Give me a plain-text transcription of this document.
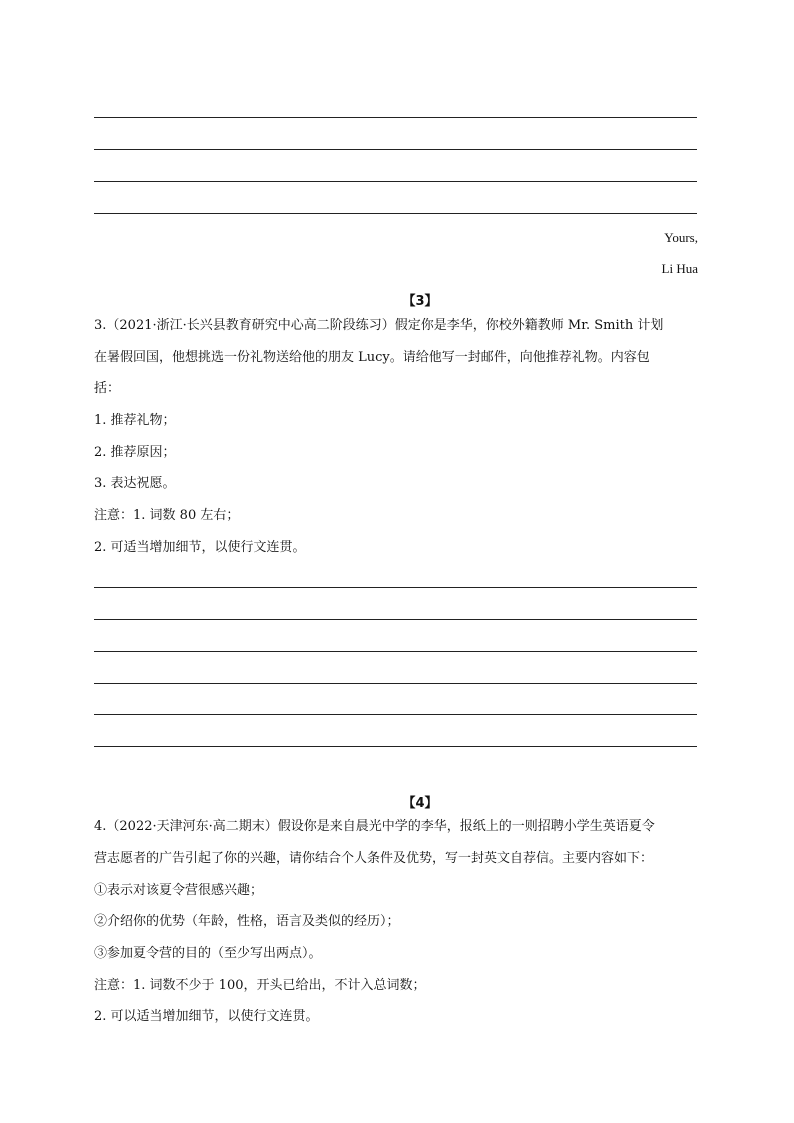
Yours,
Li Hua
【3】
3.（2021·浙江·长兴县教育研究中心高二阶段练习）假定你是李华，你校外籍教师 Mr. Smith 计划
在暑假回国，他想挑选一份礼物送给他的朋友 Lucy。请给他写一封邮件，向他推荐礼物。内容包
括：
1. 推荐礼物；
2. 推荐原因；
3. 表达祝愿。
注意：1. 词数 80 左右；
2. 可适当增加细节，以使行文连贯。
【4】
4.（2022·天津河东·高二期末）假设你是来自晨光中学的李华，报纸上的一则招聘小学生英语夏令
营志愿者的广告引起了你的兴趣，请你结合个人条件及优势，写一封英文自荐信。主要内容如下：
①表示对该夏令营很感兴趣；
②介绍你的优势（年龄，性格，语言及类似的经历）；
③参加夏令营的目的（至少写出两点）。
注意：1. 词数不少于 100，开头已给出，不计入总词数；
2. 可以适当增加细节，以使行文连贯。
